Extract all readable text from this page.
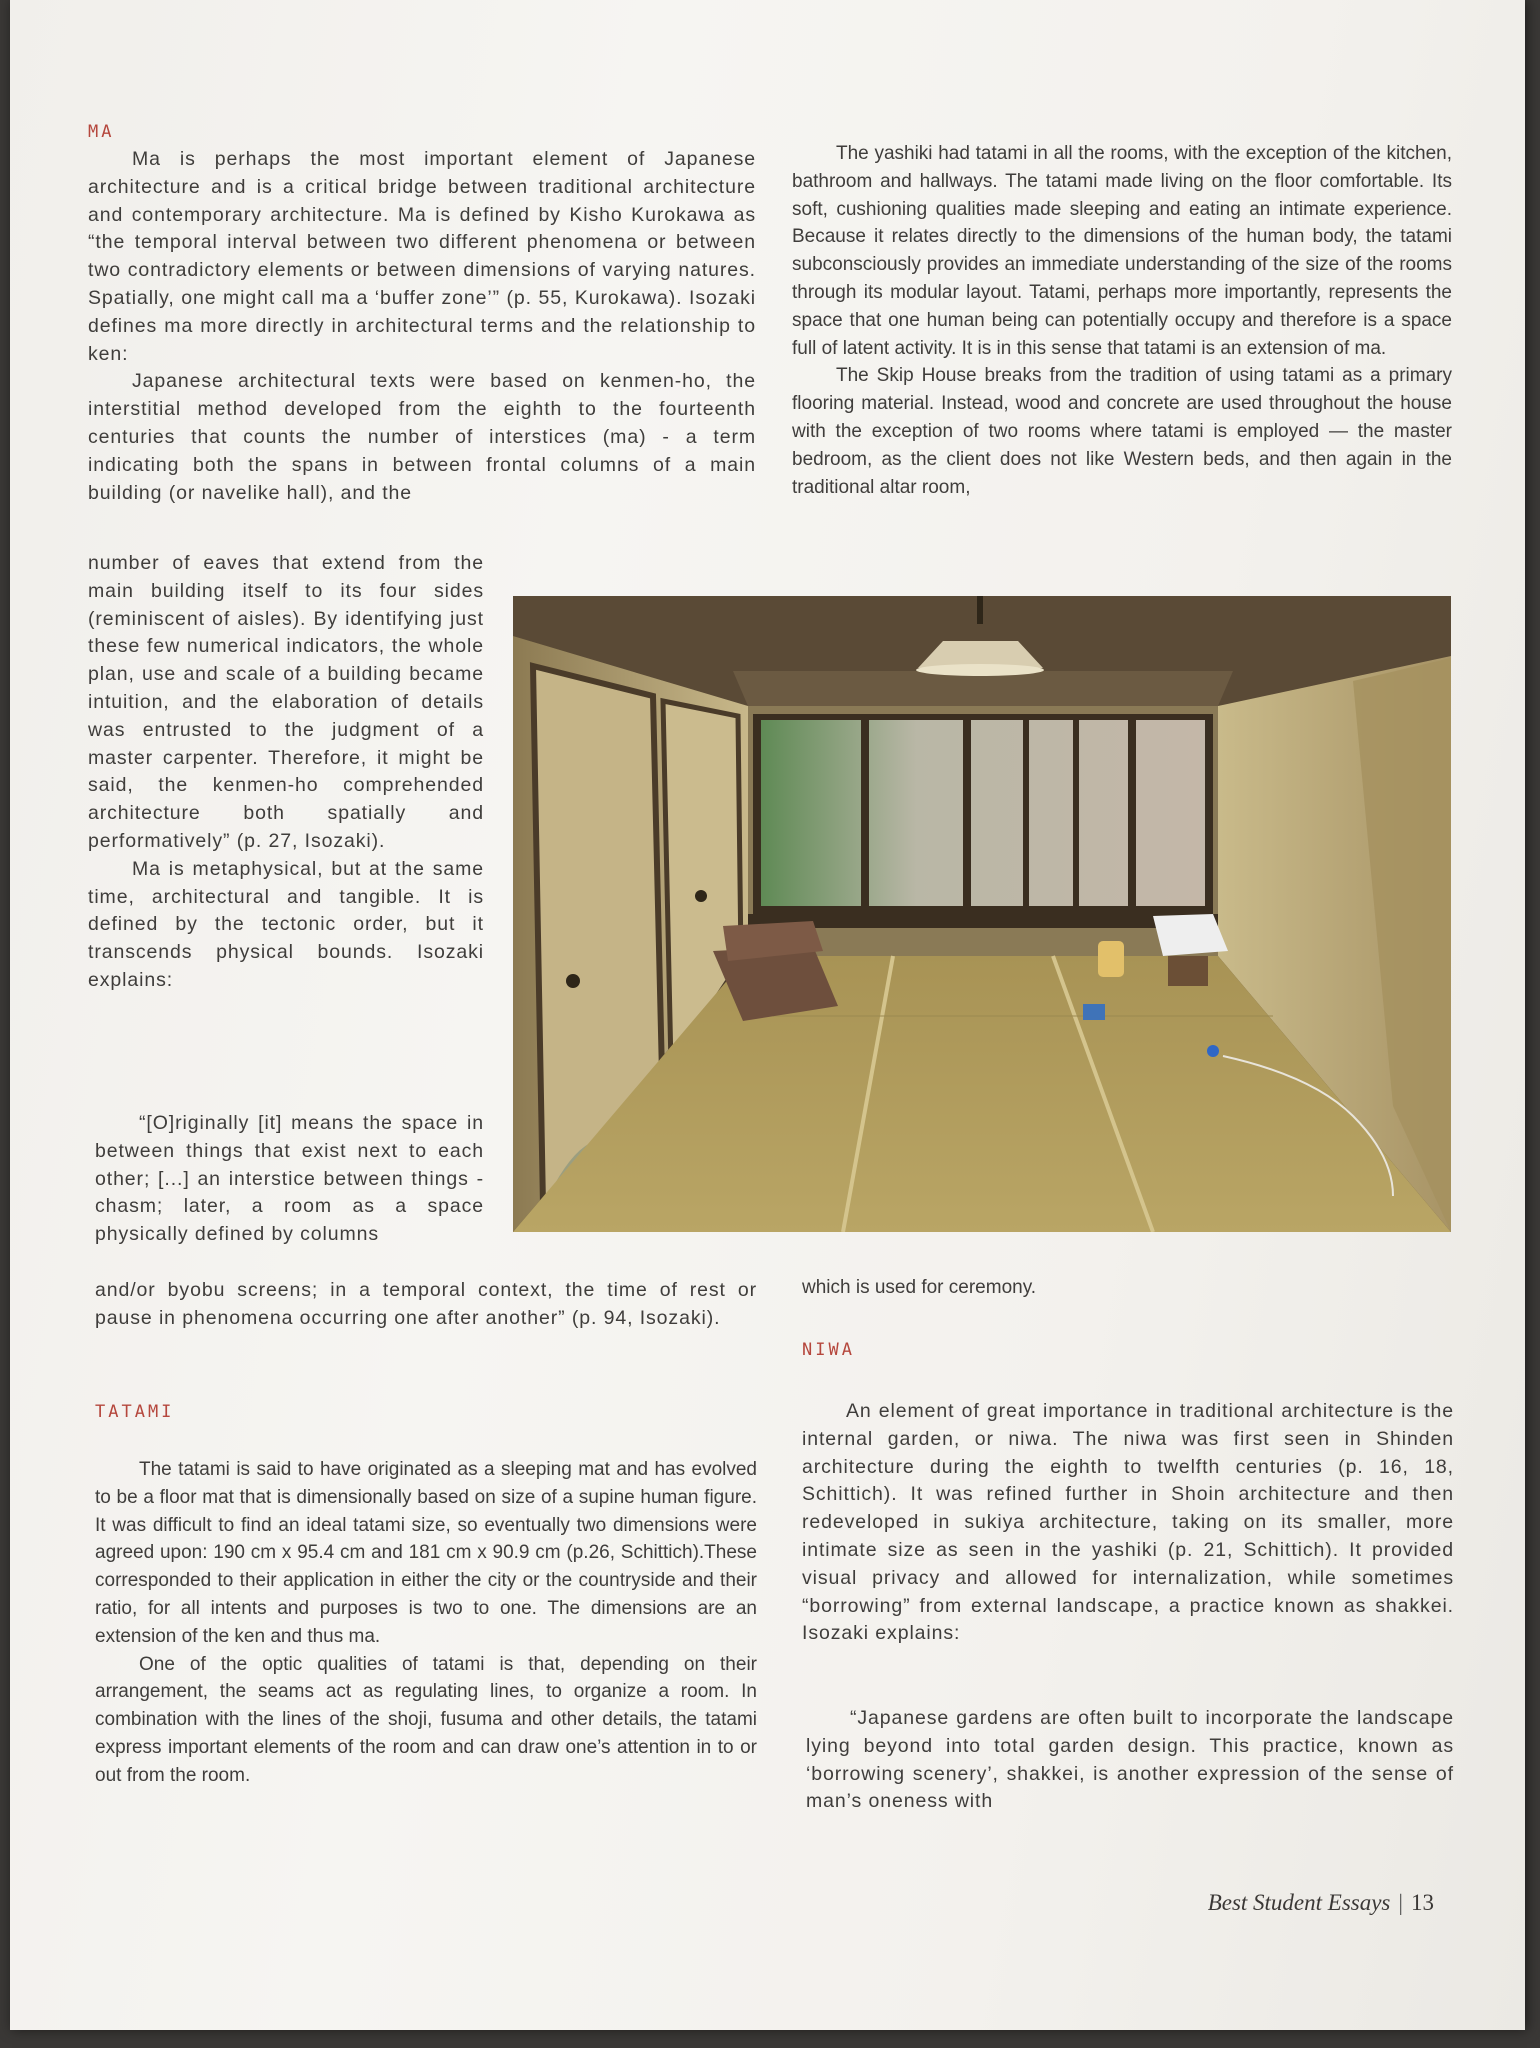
MA

Ma is perhaps the most important element of Japanese architecture and is a critical bridge between traditional architecture and contemporary architecture. Ma is defined by Kisho Kurokawa as “the temporal interval between two different phenomena or between two contradictory elements or between dimensions of varying natures. Spatially, one might call ma a ‘buffer zone’” (p. 55, Kurokawa). Isozaki defines ma more directly in architectural terms and the relationship to ken:

Japanese architectural texts were based on kenmen-ho, the interstitial method developed from the eighth to the fourteenth centuries that counts the number of interstices (ma) - a term indicating both the spans in between frontal columns of a main building (or navelike hall), and the

number of eaves that extend from the main building itself to its four sides (reminiscent of aisles). By identifying just these few numerical indicators, the whole plan, use and scale of a building became intuition, and the elaboration of details was entrusted to the judgment of a master carpenter. Therefore, it might be said, the kenmen-ho comprehended architecture both spatially and performatively” (p. 27, Isozaki).

Ma is metaphysical, but at the same time, architectural and tangible. It is defined by the tectonic order, but it transcends physical bounds. Isozaki explains:

“[O]riginally [it] means the space in between things that exist next to each other; [...] an interstice between things - chasm; later, a room as a space physically defined by columns

and/or byobu screens; in a temporal context, the time of rest or pause in phenomena occurring one after another” (p. 94, Isozaki).

TATAMI

The tatami is said to have originated as a sleeping mat and has evolved to be a floor mat that is dimensionally based on size of a supine human figure. It was difficult to find an ideal tatami size, so eventually two dimensions were agreed upon: 190 cm x 95.4 cm and 181 cm x 90.9 cm (p.26, Schittich).These corresponded to their application in either the city or the countryside and their ratio, for all intents and purposes is two to one. The dimensions are an extension of the ken and thus ma.

One of the optic qualities of tatami is that, depending on their arrangement, the seams act as regulating lines, to organize a room. In combination with the lines of the shoji, fusuma and other details, the tatami express important elements of the room and can draw one’s attention in to or out from the room.

The yashiki had tatami in all the rooms, with the exception of the kitchen, bathroom and hallways. The tatami made living on the floor comfortable. Its soft, cushioning qualities made sleeping and eating an intimate experience. Because it relates directly to the dimensions of the human body, the tatami subconsciously provides an immediate understanding of the size of the rooms through its modular layout. Tatami, perhaps more importantly, represents the space that one human being can potentially occupy and therefore is a space full of latent activity. It is in this sense that tatami is an extension of ma.

The Skip House breaks from the tradition of using tatami as a primary flooring material. Instead, wood and concrete are used throughout the house with the exception of two rooms where tatami is employed — the master bedroom, as the client does not like Western beds, and then again in the traditional altar room,

which is used for ceremony.

NIWA

An element of great importance in traditional architecture is the internal garden, or niwa. The niwa was first seen in Shinden architecture during the eighth to twelfth centuries (p. 16, 18, Schittich). It was refined further in Shoin architecture and then redeveloped in sukiya architecture, taking on its smaller, more intimate size as seen in the yashiki (p. 21, Schittich). It provided visual privacy and allowed for internalization, while sometimes “borrowing” from external landscape, a practice known as shakkei. Isozaki explains:

“Japanese gardens are often built to incorporate the landscape lying beyond into total garden design. This practice, known as ‘borrowing scenery’, shakkei, is another expression of the sense of man’s oneness with

Best Student Essays | 13
